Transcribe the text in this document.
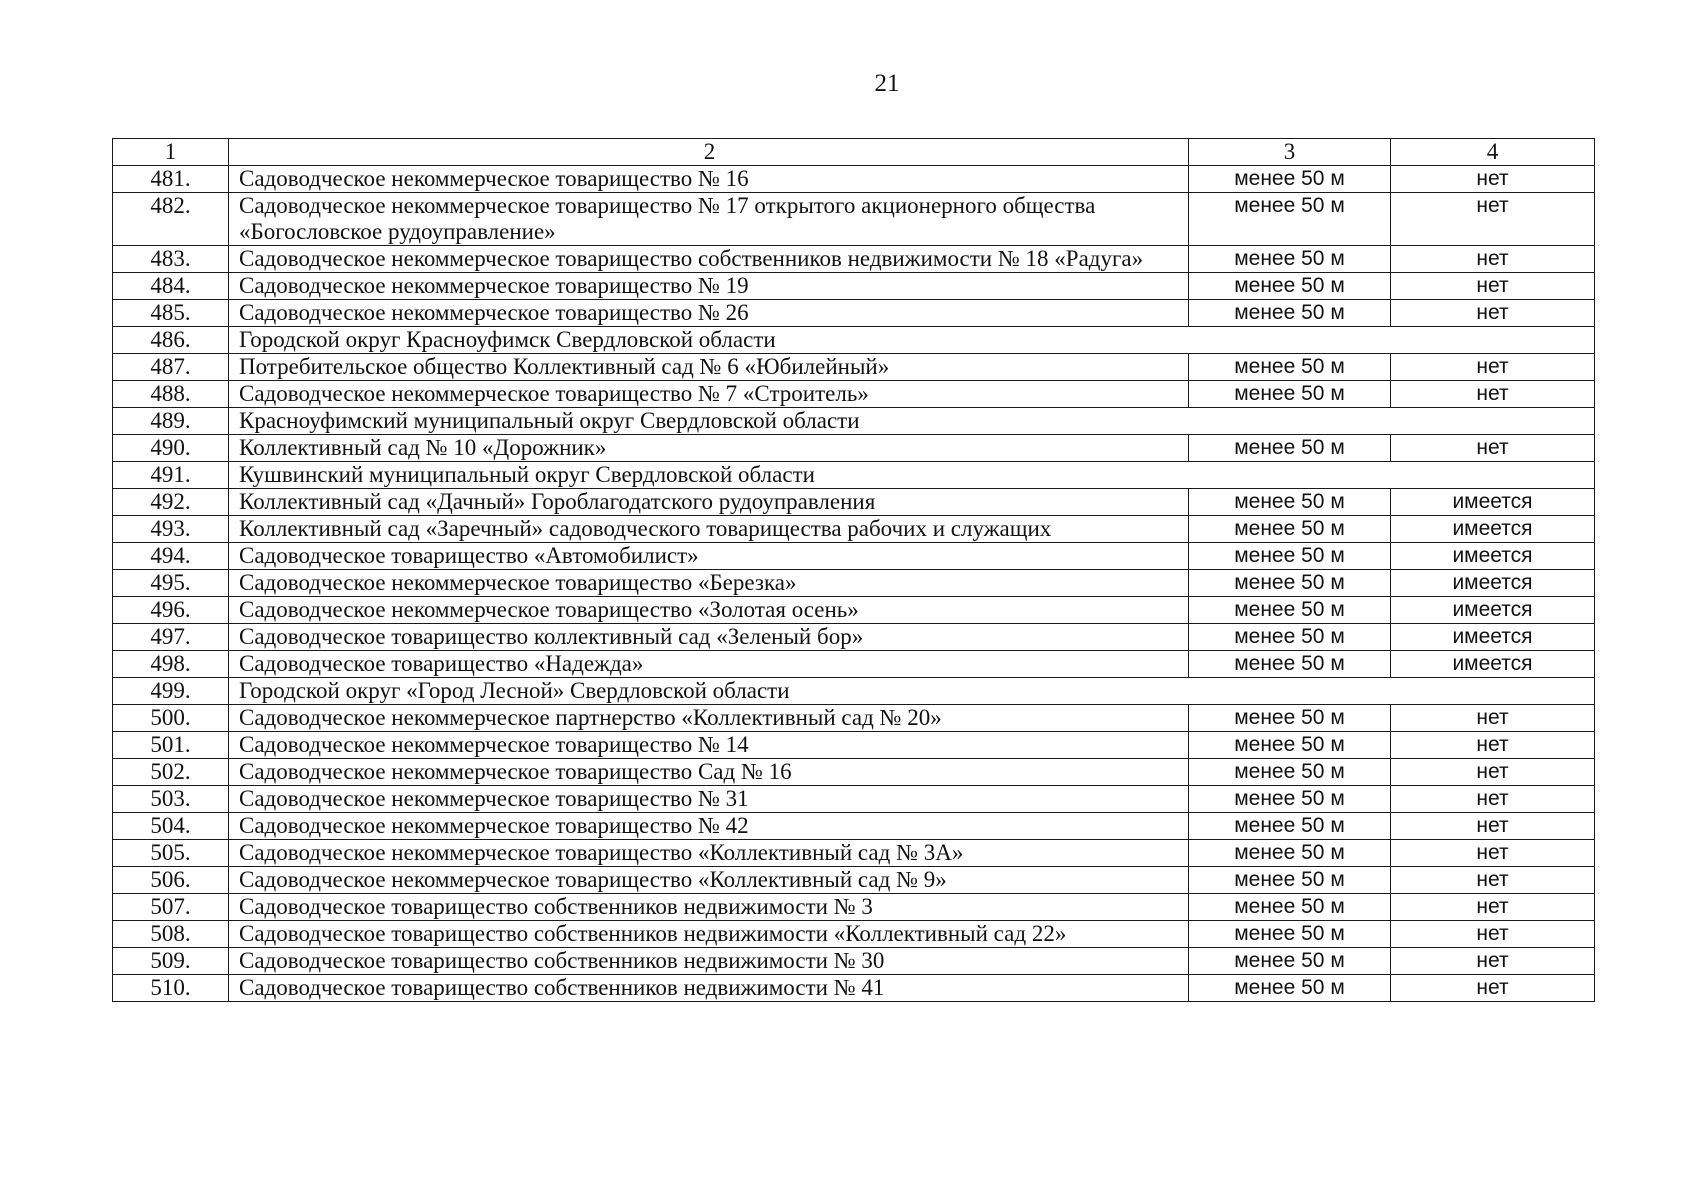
21
1	2	3	4
481.	Садоводческое некоммерческое товарищество № 16	менее 50 м	нет
482.	Садоводческое некоммерческое товарищество № 17 открытого акционерного общества «Богословское рудоуправление»	менее 50 м	нет
483.	Садоводческое некоммерческое товарищество собственников недвижимости № 18 «Радуга»	менее 50 м	нет
484.	Садоводческое некоммерческое товарищество № 19	менее 50 м	нет
485.	Садоводческое некоммерческое товарищество № 26	менее 50 м	нет
486.	Городской округ Красноуфимск Свердловской области		
487.	Потребительское общество Коллективный сад № 6 «Юбилейный»	менее 50 м	нет
488.	Садоводческое некоммерческое товарищество № 7 «Строитель»	менее 50 м	нет
489.	Красноуфимский муниципальный округ Свердловской области		
490.	Коллективный сад № 10 «Дорожник»	менее 50 м	нет
491.	Кушвинский муниципальный округ Свердловской области		
492.	Коллективный сад «Дачный» Гороблагодатского рудоуправления	менее 50 м	имеется
493.	Коллективный сад «Заречный» садоводческого товарищества рабочих и служащих	менее 50 м	имеется
494.	Садоводческое товарищество «Автомобилист»	менее 50 м	имеется
495.	Садоводческое некоммерческое товарищество «Березка»	менее 50 м	имеется
496.	Садоводческое некоммерческое товарищество «Золотая осень»	менее 50 м	имеется
497.	Садоводческое товарищество коллективный сад «Зеленый бор»	менее 50 м	имеется
498.	Садоводческое товарищество «Надежда»	менее 50 м	имеется
499.	Городской округ «Город Лесной» Свердловской области		
500.	Садоводческое некоммерческое партнерство «Коллективный сад № 20»	менее 50 м	нет
501.	Садоводческое некоммерческое товарищество № 14	менее 50 м	нет
502.	Садоводческое некоммерческое товарищество Сад № 16	менее 50 м	нет
503.	Садоводческое некоммерческое товарищество № 31	менее 50 м	нет
504.	Садоводческое некоммерческое товарищество № 42	менее 50 м	нет
505.	Садоводческое некоммерческое товарищество «Коллективный сад № 3А»	менее 50 м	нет
506.	Садоводческое некоммерческое товарищество «Коллективный сад № 9»	менее 50 м	нет
507.	Садоводческое товарищество собственников недвижимости № 3	менее 50 м	нет
508.	Садоводческое товарищество собственников недвижимости «Коллективный сад 22»	менее 50 м	нет
509.	Садоводческое товарищество собственников недвижимости № 30	менее 50 м	нет
510.	Садоводческое товарищество собственников недвижимости № 41	менее 50 м	нет
